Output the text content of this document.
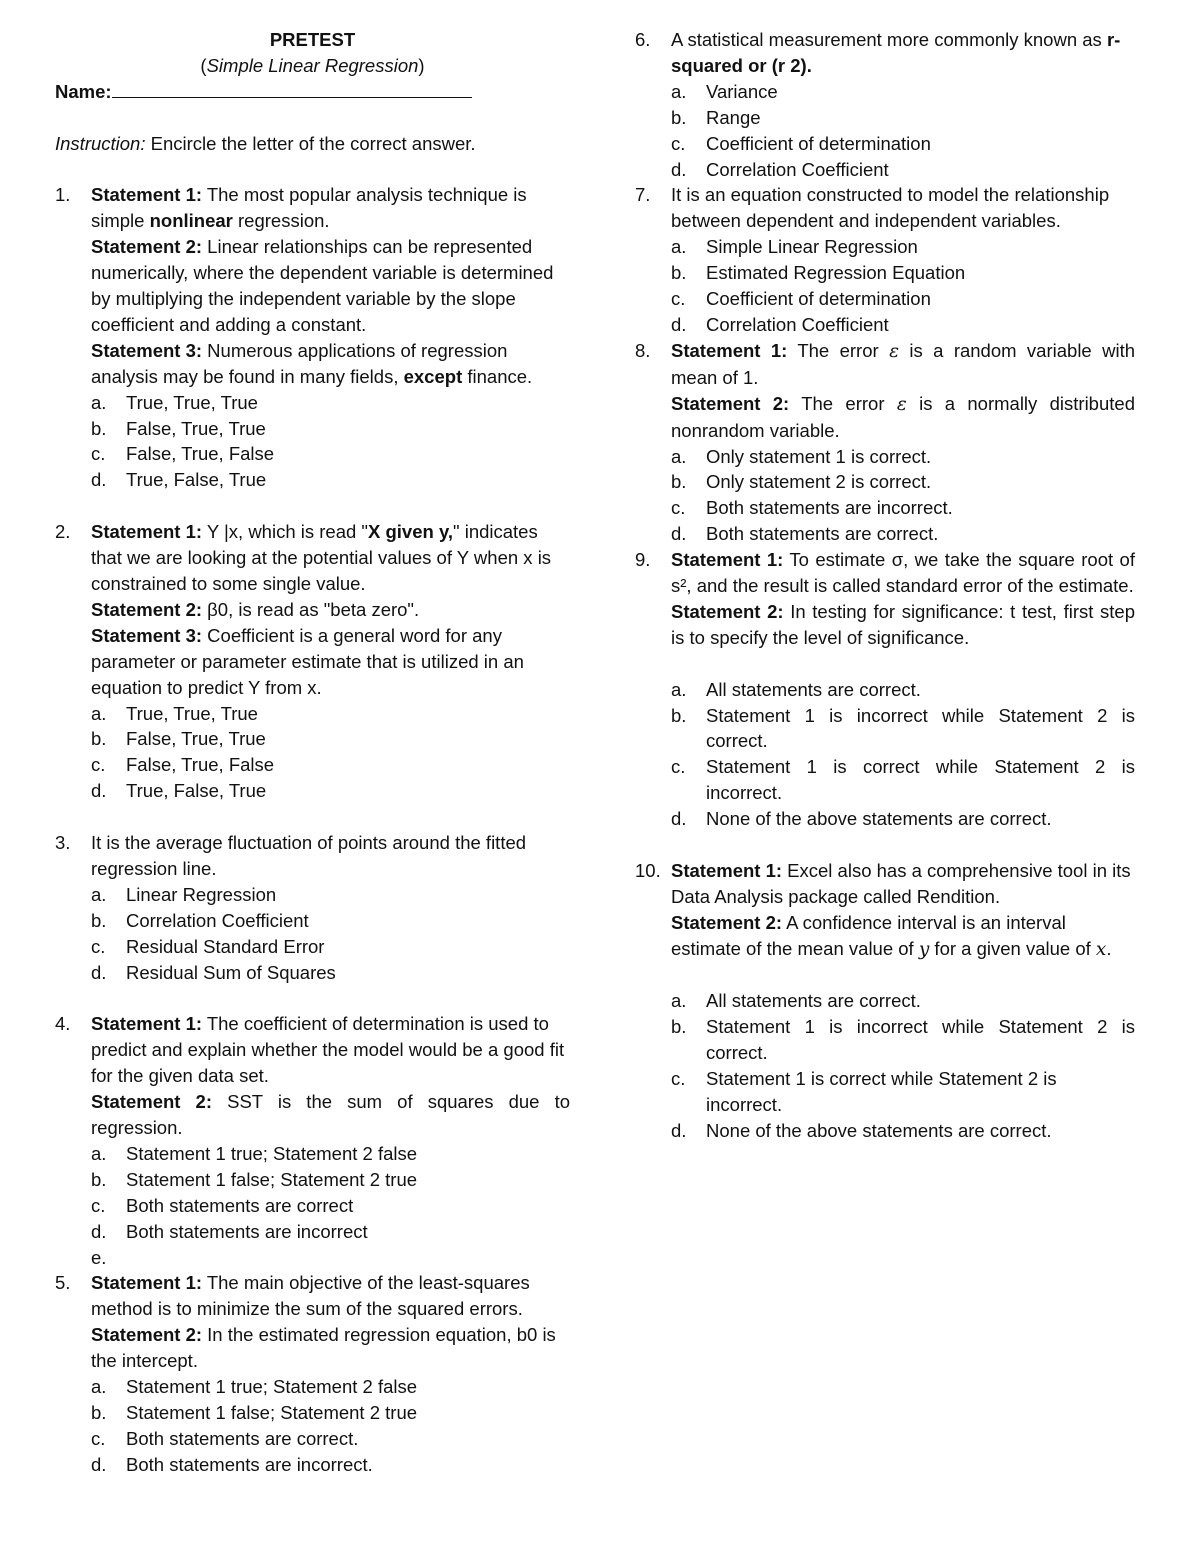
PRETEST
(Simple Linear Regression)
Name:
Instruction: Encircle the letter of the correct answer.
1. Statement 1: The most popular analysis technique is simple nonlinear regression.
Statement 2: Linear relationships can be represented numerically, where the dependent variable is determined by multiplying the independent variable by the slope coefficient and adding a constant.
Statement 3: Numerous applications of regression analysis may be found in many fields, except finance.
a. True, True, True
b. False, True, True
c. False, True, False
d. True, False, True
2. Statement 1: Y |x, which is read "X given y," indicates that we are looking at the potential values of Y when x is constrained to some single value.
Statement 2: β0, is read as "beta zero".
Statement 3: Coefficient is a general word for any parameter or parameter estimate that is utilized in an equation to predict Y from x.
a. True, True, True
b. False, True, True
c. False, True, False
d. True, False, True
3. It is the average fluctuation of points around the fitted regression line.
a. Linear Regression
b. Correlation Coefficient
c. Residual Standard Error
d. Residual Sum of Squares
4. Statement 1: The coefficient of determination is used to predict and explain whether the model would be a good fit for the given data set.
Statement 2: SST is the sum of squares due to regression.
a. Statement 1 true; Statement 2 false
b. Statement 1 false; Statement 2 true
c. Both statements are correct
d. Both statements are incorrect
e.

5. Statement 1: The main objective of the least-squares method is to minimize the sum of the squared errors.
Statement 2: In the estimated regression equation, b0 is the intercept.
a. Statement 1 true; Statement 2 false
b. Statement 1 false; Statement 2 true
c. Both statements are correct.
d. Both statements are incorrect.
6. A statistical measurement more commonly known as r-squared or (r 2).
a. Variance
b. Range
c. Coefficient of determination
d. Correlation Coefficient
7. It is an equation constructed to model the relationship between dependent and independent variables.
a. Simple Linear Regression
b. Estimated Regression Equation
c. Coefficient of determination
d. Correlation Coefficient
8. Statement 1: The error ε is a random variable with mean of 1.
Statement 2: The error ε is a normally distributed nonrandom variable.
a. Only statement 1 is correct.
b. Only statement 2 is correct.
c. Both statements are incorrect.
d. Both statements are correct.
9. Statement 1: To estimate σ, we take the square root of s², and the result is called standard error of the estimate.
Statement 2: In testing for significance: t test, first step is to specify the level of significance.
a. All statements are correct.
b. Statement 1 is incorrect while Statement 2 is correct.
c. Statement 1 is correct while Statement 2 is incorrect.
d. None of the above statements are correct.
10. Statement 1: Excel also has a comprehensive tool in its Data Analysis package called Rendition.
Statement 2: A confidence interval is an interval estimate of the mean value of y for a given value of x.
a. All statements are correct.
b. Statement 1 is incorrect while Statement 2 is correct.
c. Statement 1 is correct while Statement 2 is incorrect.
d. None of the above statements are correct.
